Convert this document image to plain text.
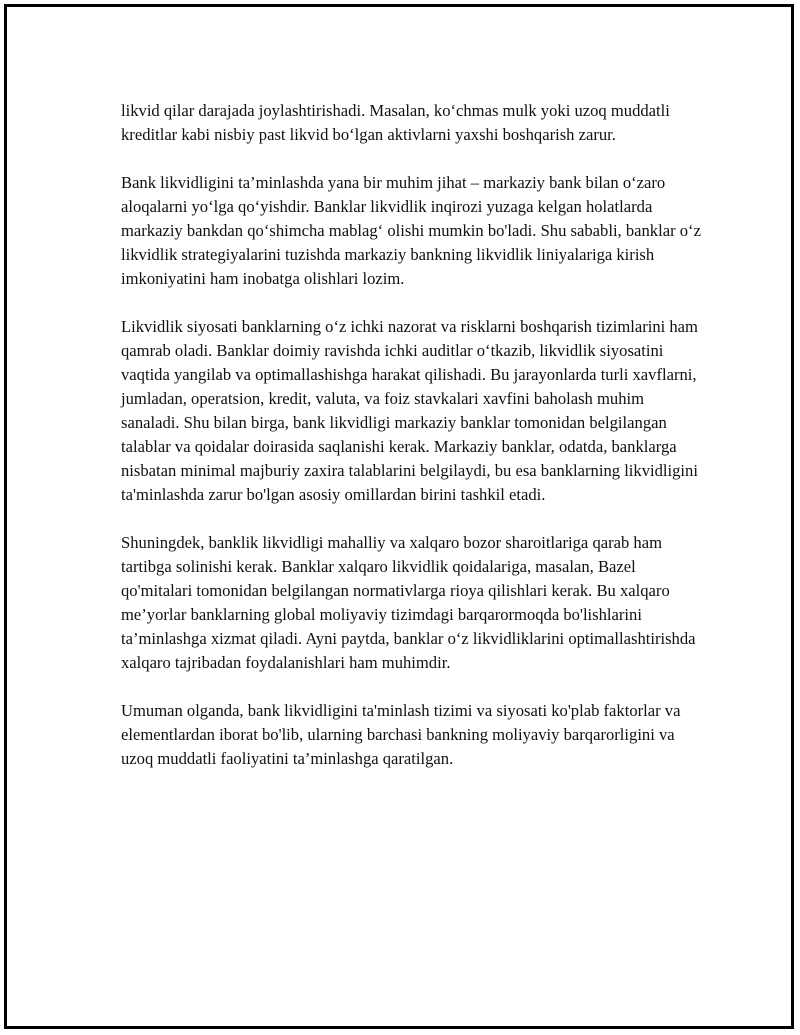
likvid qilar darajada joylashtirishadi. Masalan, ko‘chmas mulk yoki uzoq muddatli kreditlar kabi nisbiy past likvid bo‘lgan aktivlarni yaxshi boshqarish zarur.

Bank likvidligini ta’minlashda yana bir muhim jihat – markaziy bank bilan o‘zaro aloqalarni yo‘lga qo‘yishdir. Banklar likvidlik inqirozi yuzaga kelgan holatlarda markaziy bankdan qo‘shimcha mablag‘ olishi mumkin bo'ladi. Shu sababli, banklar o‘z likvidlik strategiyalarini tuzishda markaziy bankning likvidlik liniyalariga kirish imkoniyatini ham inobatga olishlari lozim.

Likvidlik siyosati banklarning o‘z ichki nazorat va risklarni boshqarish tizimlarini ham qamrab oladi. Banklar doimiy ravishda ichki auditlar o‘tkazib, likvidlik siyosatini vaqtida yangilab va optimallashishga harakat qilishadi. Bu jarayonlarda turli xavflarni, jumladan, operatsion, kredit, valuta, va foiz stavkalari xavfini baholash muhim sanaladi. Shu bilan birga, bank likvidligi markaziy banklar tomonidan belgilangan talablar va qoidalar doirasida saqlanishi kerak. Markaziy banklar, odatda, banklarga nisbatan minimal majburiy zaxira talablarini belgilaydi, bu esa banklarning likvidligini ta'minlashda zarur bo'lgan asosiy omillardan birini tashkil etadi.

Shuningdek, banklik likvidligi mahalliy va xalqaro bozor sharoitlariga qarab ham tartibga solinishi kerak. Banklar xalqaro likvidlik qoidalariga, masalan, Bazel qo'mitalari tomonidan belgilangan normativlarga rioya qilishlari kerak. Bu xalqaro me’yorlar banklarning global moliyaviy tizimdagi barqarormoqda bo'lishlarini ta’minlashga xizmat qiladi. Ayni paytda, banklar o‘z likvidliklarini optimallashtirishda xalqaro tajribadan foydalanishlari ham muhimdir.

Umuman olganda, bank likvidligini ta'minlash tizimi va siyosati ko'plab faktorlar va elementlardan iborat bo'lib, ularning barchasi bankning moliyaviy barqarorligini va uzoq muddatli faoliyatini ta’minlashga qaratilgan.
